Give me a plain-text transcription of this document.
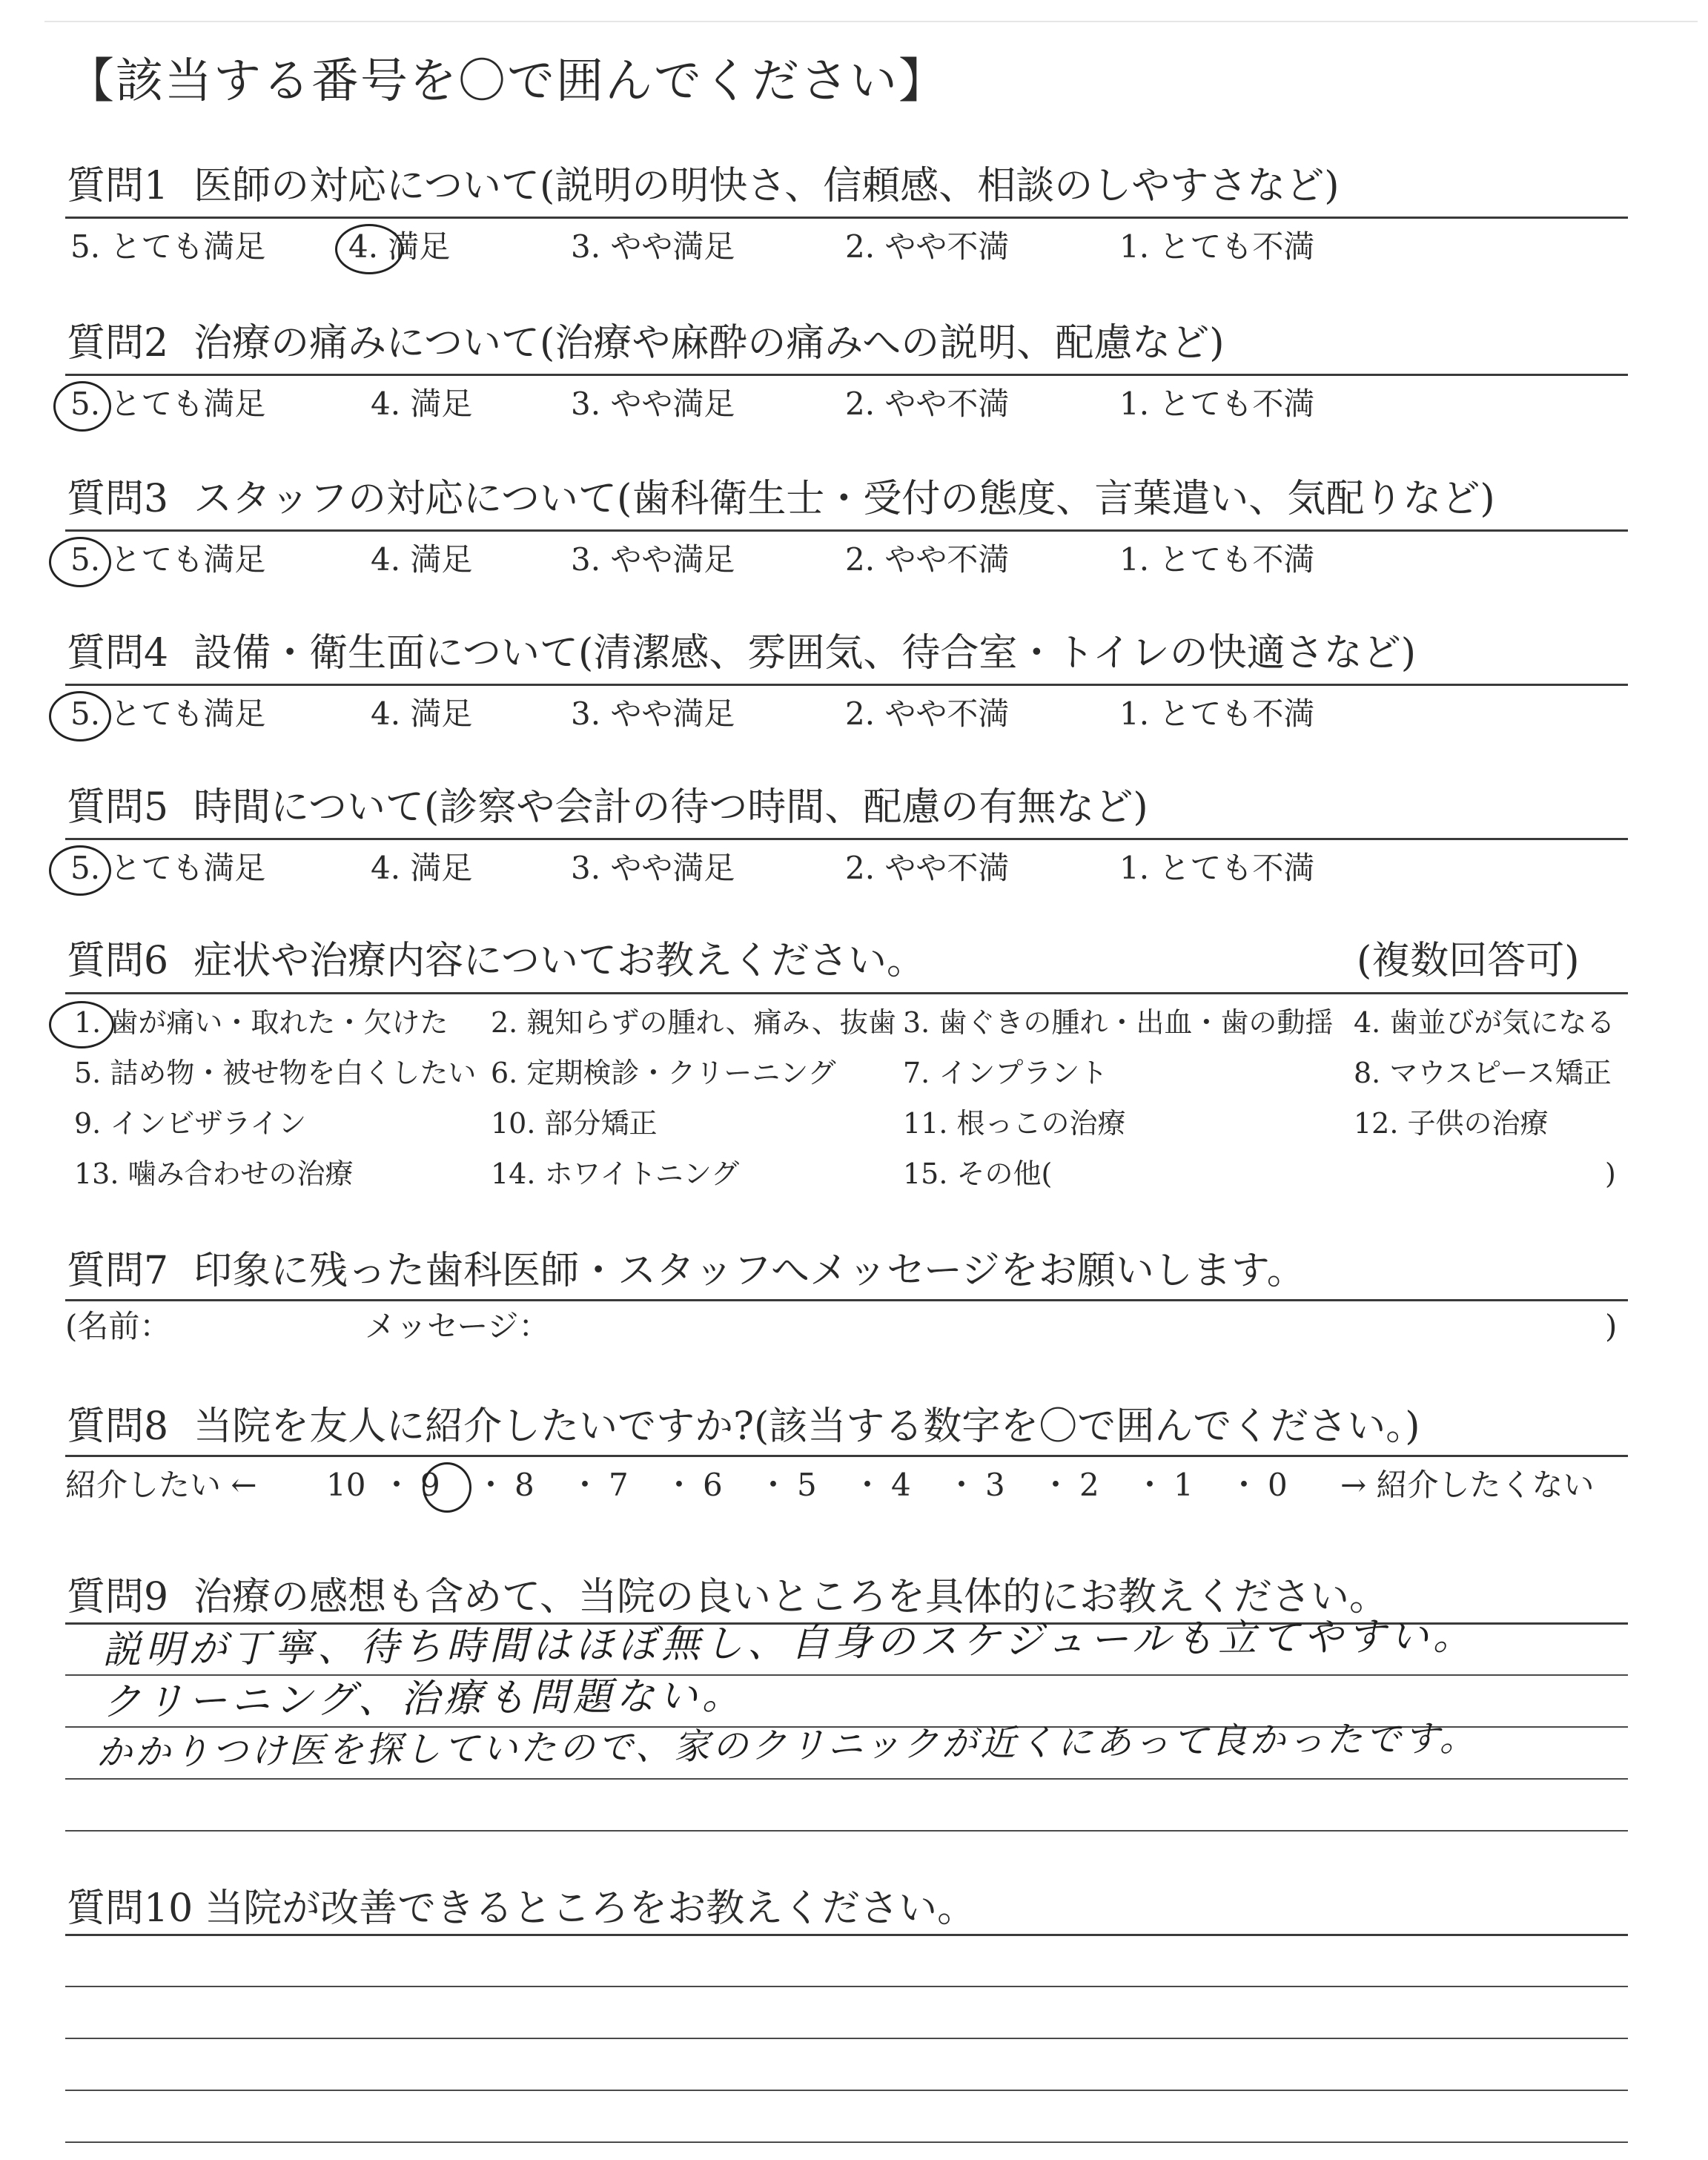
【該当する番号を〇で囲んでください】
質問1 医師の対応について(説明の明快さ、信頼感、相談のしやすさなど)
5. とても満足	4. 満足	3. やや満足	2. やや不満	1. とても不満
質問2 治療の痛みについて(治療や麻酔の痛みへの説明、配慮など)
5. とても満足	4. 満足	3. やや満足	2. やや不満	1. とても不満
質問3 スタッフの対応について(歯科衛生士・受付の態度、言葉遣い、気配りなど)
5. とても満足	4. 満足	3. やや満足	2. やや不満	1. とても不満
質問4 設備・衛生面について(清潔感、雰囲気、待合室・トイレの快適さなど)
5. とても満足	4. 満足	3. やや満足	2. やや不満	1. とても不満
質問5 時間について(診察や会計の待つ時間、配慮の有無など)
5. とても満足	4. 満足	3. やや満足	2. やや不満	1. とても不満
質問6 症状や治療内容についてお教えください。	(複数回答可)
1. 歯が痛い・取れた・欠けた 2. 親知らずの腫れ、痛み、抜歯 3. 歯ぐきの腫れ・出血・歯の動揺 4. 歯並びが気になる
5. 詰め物・被せ物を白くしたい 6. 定期検診・クリーニング 7. インプラント	8. マウスピース矯正
9. インビザライン	10. 部分矯正	11. 根っこの治療	12. 子供の治療
13. 噛み合わせの治療	14. ホワイトニング	15. その他(	)
質問7 印象に残った歯科医師・スタッフへメッセージをお願いします。
(名前：	メッセージ：	)
質問8 当院を友人に紹介したいですか?(該当する数字を〇で囲んでください。)
紹介したい ← 10 ・ 9 ・ 8 ・ 7 ・ 6 ・ 5 ・ 4 ・ 3 ・ 2 ・ 1 ・ 0 → 紹介したくない
質問9 治療の感想も含めて、当院の良いところを具体的にお教えください。
説明が丁寧、待ち時間はほぼ無し、自身のスケジュールも立てやすい。
クリーニング、治療も問題ない。
かかりつけ医を探していたので、家のクリニックが近くにあって良かったです。
質問10 当院が改善できるところをお教えください。
